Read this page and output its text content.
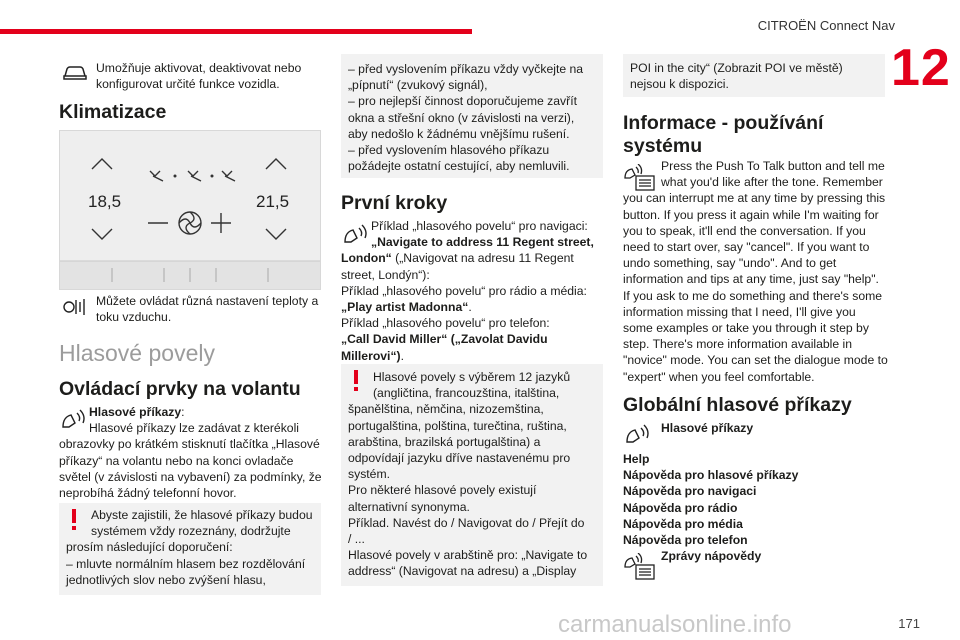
CITROËN Connect Nav
12
171
carmanualsonline.info

Umožňuje aktivovat, deaktivovat nebo

konfigurovat určité funkce vozidla.

Klimatizace
18,5	21,5

Můžete ovládat různá nastavení teploty a

toku vzduchu.

Hlasové povely
Ovládací prvky na volantu

Hlasové příkazy:

Hlasové příkazy lze zadávat z kterékoli

obrazovky po krátkém stisknutí tlačítka „Hlasové

příkazy“ na volantu nebo na konci ovladače

světel (v závislosti na vybavení) za podmínky, že

neprobíhá žádný telefonní hovor.

Abyste zajistili, že hlasové příkazy budou

systémem vždy rozeznány, dodržujte

prosím následující doporučení:

– mluvte normálním hlasem bez rozdělování

jednotlivých slov nebo zvýšení hlasu,

– před vyslovením příkazu vždy vyčkejte na

„pípnutí“ (zvukový signál),

– pro nejlepší činnost doporučujeme zavřít

okna a střešní okno (v závislosti na verzi),

aby nedošlo k žádnému vnějšímu rušení.

– před vyslovením hlasového příkazu

požádejte ostatní cestující, aby nemluvili.

První kroky

Příklad „hlasového povelu“ pro navigaci:

„Navigate to address 11 Regent street,

London“ („Navigovat na adresu 11 Regent

street, Londýn“):

Příklad „hlasového povelu“ pro rádio a média:

„Play artist Madonna“.

Příklad „hlasového povelu“ pro telefon:

„Call David Miller“ („Zavolat Davidu

Millerovi“).

Hlasové povely s výběrem 12 jazyků

(angličtina, francouzština, italština,

španělština, němčina, nizozemština,

portugalština, polština, turečtina, ruština,

arabština, brazilská portugalština) a

odpovídají jazyku dříve nastavenému pro

systém.

Pro některé hlasové povely existují

alternativní synonyma.

Příklad. Navést do / Navigovat do / Přejít do

/ ...

Hlasové povely v arabštině pro: „Navigate to

address“ (Navigovat na adresu) a „Display

POI in the city“ (Zobrazit POI ve městě)

nejsou k dispozici.

Informace - používání
systému

Press the Push To Talk button and tell me

what you'd like after the tone. Remember

you can interrupt me at any time by pressing this

button. If you press it again while I'm waiting for

you to speak, it'll end the conversation. If you

need to start over, say "cancel". If you want to

undo something, say "undo". And to get

information and tips at any time, just say "help".

If you ask to me do something and there's some

information missing that I need, I'll give you

some examples or take you through it step by

step. There's more information available in

"novice" mode. You can set the dialogue mode to

"expert" when you feel comfortable.

Globální hlasové příkazy
Hlasové příkazy

Help

Nápověda pro hlasové příkazy

Nápověda pro navigaci

Nápověda pro rádio

Nápověda pro média

Nápověda pro telefon

Zprávy nápovědy
